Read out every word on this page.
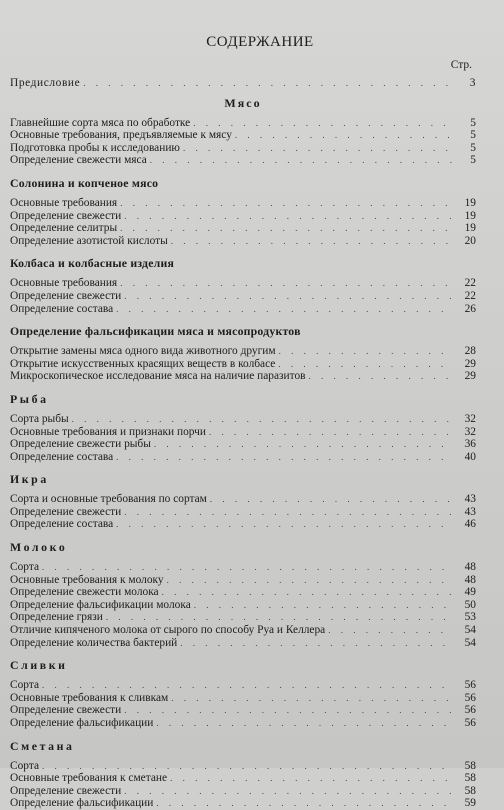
СОДЕРЖАНИЕ
Стр.
Предисловие . . .	3
Мясо
Главнейшие сорта мяса по обработке . . .	5
Основные требования, предъявляемые к мясу . . .	5
Подготовка пробы к исследованию . . .	5
Определение свежести мяса . . .	5
Солонина и копченое мясо
Основные требования . . .	19
Определение свежести . . .	19
Определение селитры . . .	19
Определение азотистой кислоты . . .	20
Колбаса и колбасные изделия
Основные требования . . .	22
Определение свежести . . .	22
Определение состава . . .	26
Определение фальсификации мяса и мясопродуктов
Открытие замены мяса одного вида животного другим . . .	28
Открытие искусственных красящих веществ в колбасе . . .	29
Микроскопическое исследование мяса на наличие паразитов . . .	29
Рыба
Сорта рыбы . . .	32
Основные требования и признаки порчи . . .	32
Определение свежести рыбы . . .	36
Определение состава . . .	40
Икра
Сорта и основные требования по сортам . . .	43
Определение свежести . . .	43
Определение состава . . .	46
Молоко
Сорта . . .	48
Основные требования к молоку . . .	48
Определение свежести молока . . .	49
Определение фальсификации молока . . .	50
Определение грязи . . .	53
Отличие кипяченого молока от сырого по способу Руа и Келлера . . .	54
Определение количества бактерий . . .	54
Сливки
Сорта . . .	56
Основные требования к сливкам . . .	56
Определение свежести . . .	56
Определение фальсификации . . .	56
Сметана
Сорта . . .	58
Основные требования к сметане . . .	58
Определение свежести . . .	58
Определение фальсификации . . .	59
